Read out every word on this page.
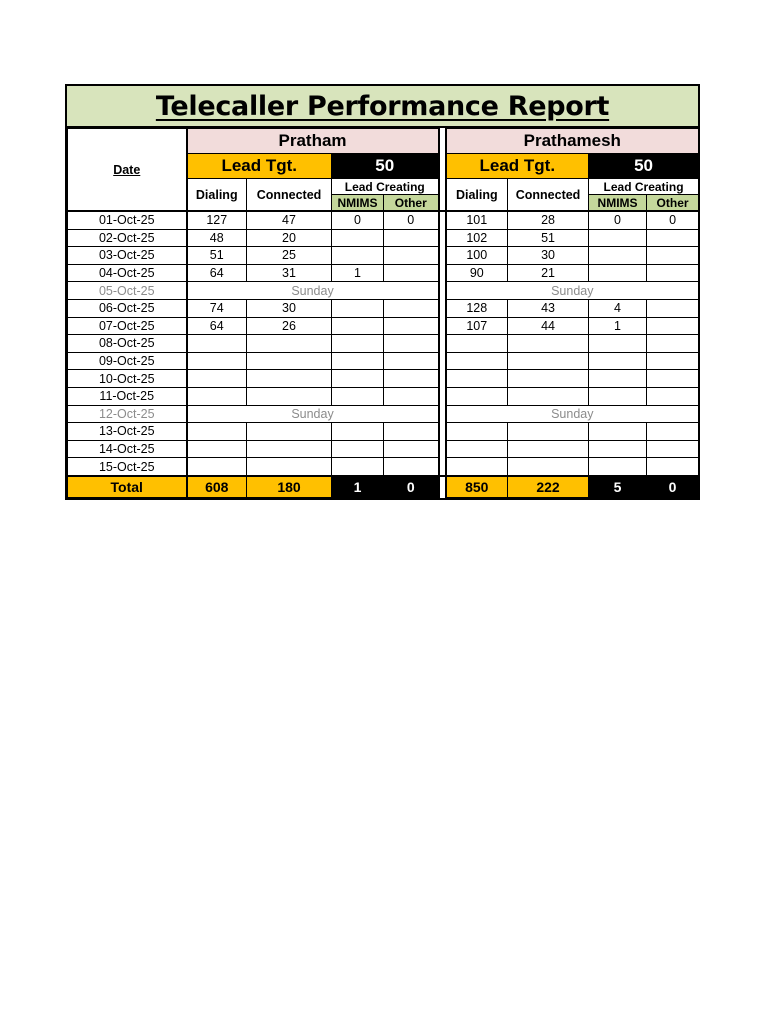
Telecaller Performance Report
Date	Pratham					Prathamesh			
	Lead Tgt.		50			Lead Tgt.		50	
	Dialing	Connected	Lead Creating			Dialing	Connected	Lead Creating	
			NMIMS	Other				NMIMS	Other
01-Oct-25	127	47	0	0		101	28	0	0
02-Oct-25	48	20				102	51		
03-Oct-25	51	25				100	30		
04-Oct-25	64	31	1			90	21		
05-Oct-25	Sunday					Sunday			
06-Oct-25	74	30				128	43	4	
07-Oct-25	64	26				107	44	1	
08-Oct-25									
09-Oct-25									
10-Oct-25									
11-Oct-25									
12-Oct-25	Sunday					Sunday			
13-Oct-25									
14-Oct-25									
15-Oct-25									
Total	608	180	1	0		850	222	5	0
